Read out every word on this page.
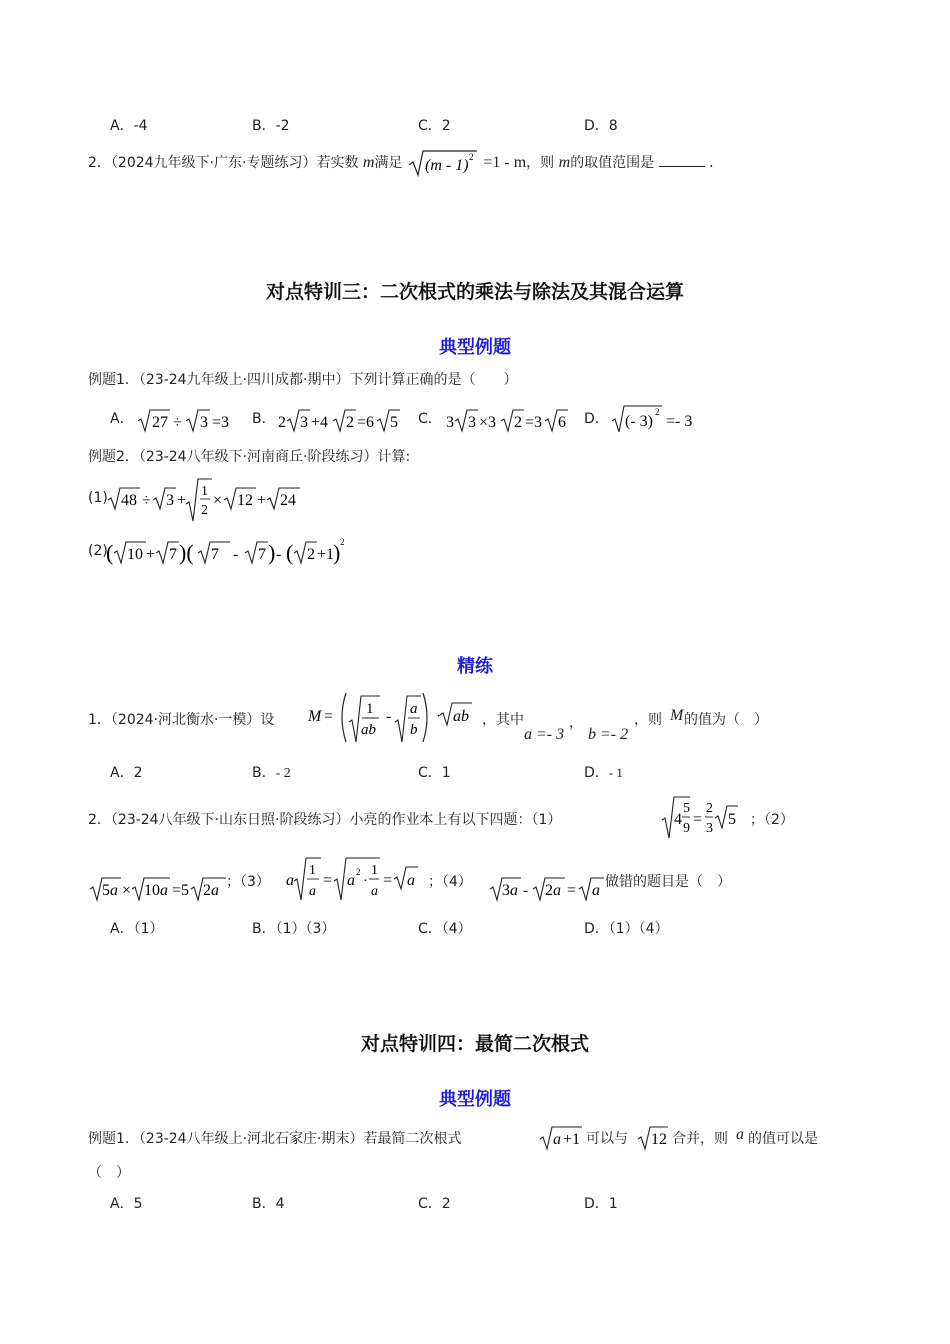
A．-4	B．-2	C．2	D．8
2．（2024九年级下·广东·专题练习）若实数 m满足 (m - 1) 2 =1 - m，则 m的取值范围是	．
对点特训三：二次根式的乘法与除法及其混合运算
典型例题
例题1．（23-24九年级上·四川成都·期中）下列计算正确的是（　　）
A． 27 ÷ 3 =3 B． 2 3 +4 2 =6 5 C． 3 3 ×3 2 =3 6 D． (- 3)
2
=- 3
例题2．（23-24八年级下·河南商丘·阶段练习）计算:
(1) 48 ÷ 3 +
1
2
× 12 + 24
(2)
( 10 + 7 )( 7 - 7 ) - ( 2 +1
) 2
精练
1．（2024·河北衡水·一模）设 M = 1
ab
- a
b
· ab ，其中
a =- 3
，
b =- 2
，则 M 的值为（　）
A．2	B．- 2	C．1	D．- 1
2．（23-24八年级下·山东日照·阶段练习）小亮的作业本上有以下四题：（1）	4
5
9
=
2
3
5 ；（2）
5a × 10a =5 2a ；（3） a
1
a
= a 2
·
1
a
= a ；（4） 3a - 2a = a 做错的题目是（　）
A．（1）	B．（1）（3）	C．（4）	D．（1）（4）
对点特训四：最简二次根式
典型例题
例题1．（23-24八年级上·河北石家庄·期末）若最简二次根式	a +1 可以与 12 合并，则 a 的值可以是
（　）
A．5	B．4	C．2	D．1
